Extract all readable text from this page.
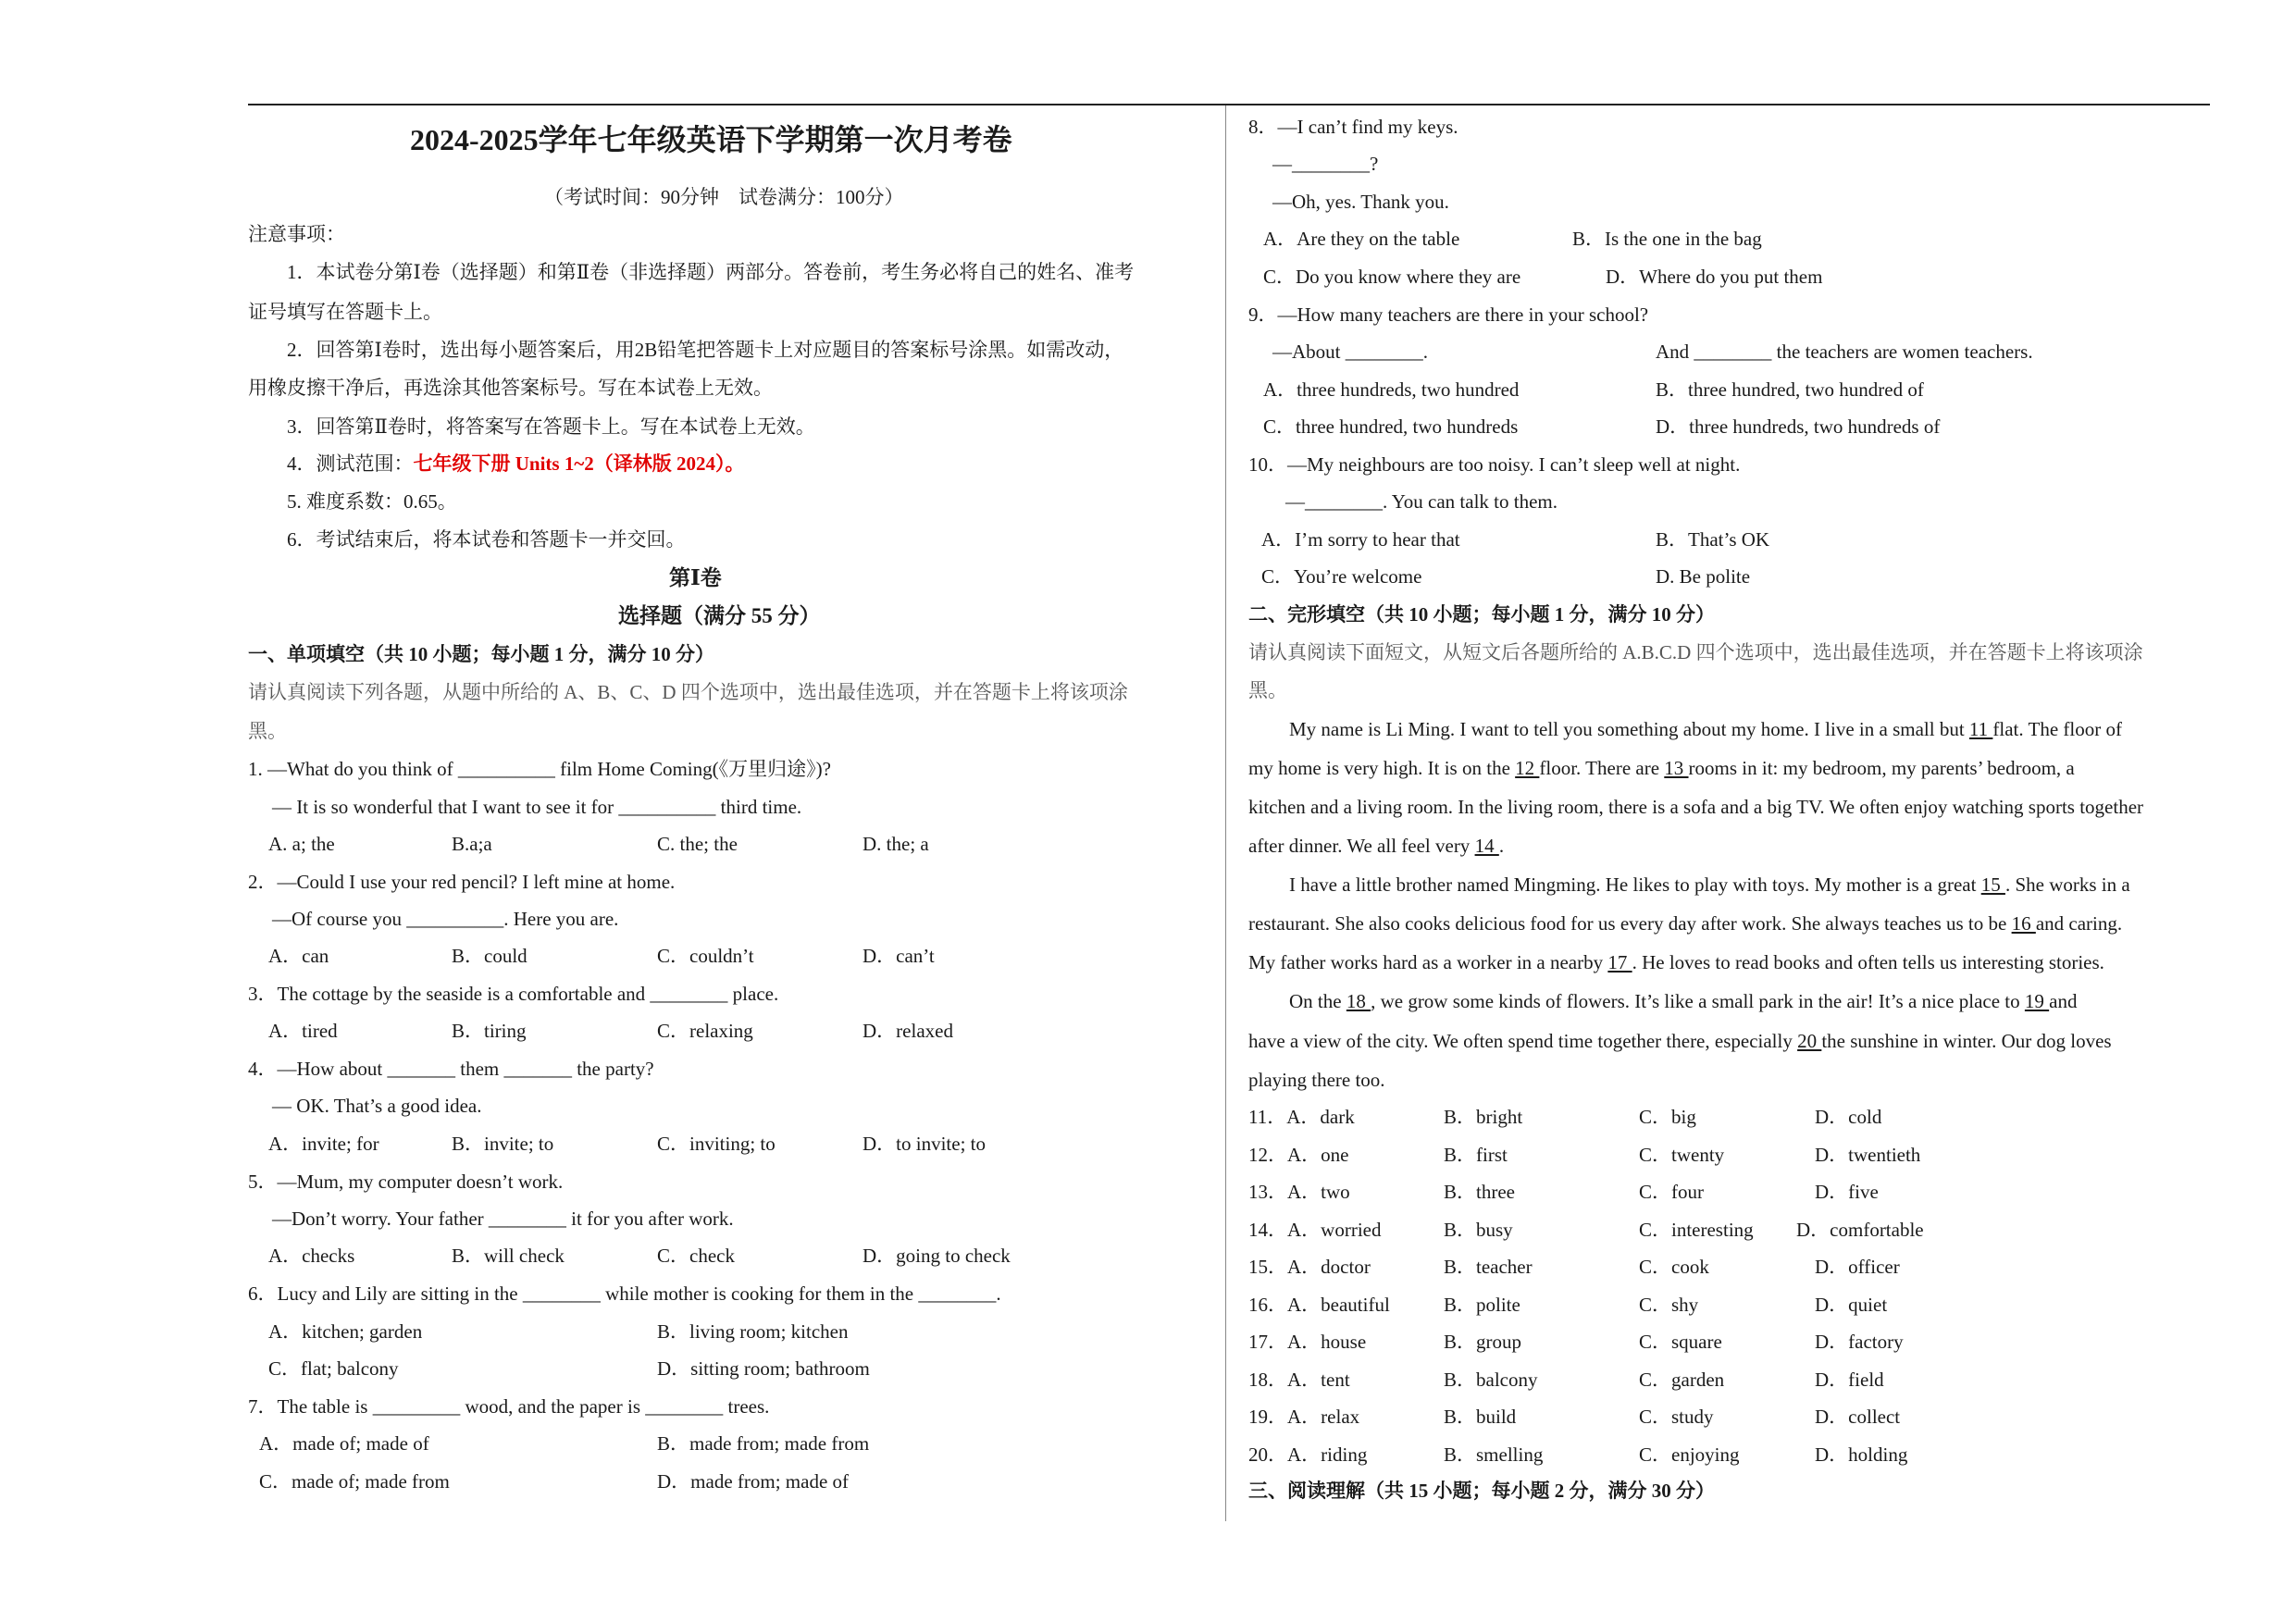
2024-2025学年七年级英语下学期第一次月考卷
（考试时间：90分钟　试卷满分：100分）
注意事项：
1．本试卷分第Ⅰ卷（选择题）和第Ⅱ卷（非选择题）两部分。答卷前，考生务必将自己的姓名、准考
证号填写在答题卡上。
2．回答第Ⅰ卷时，选出每小题答案后，用2B铅笔把答题卡上对应题目的答案标号涂黑。如需改动，
用橡皮擦干净后，再选涂其他答案标号。写在本试卷上无效。
3．回答第Ⅱ卷时，将答案写在答题卡上。写在本试卷上无效。
4．测试范围：七年级下册 Units 1~2（译林版 2024）。
5. 难度系数：0.65。
6．考试结束后，将本试卷和答题卡一并交回。
第Ⅰ卷
选择题（满分 55 分）
一、单项填空（共 10 小题；每小题 1 分，满分 10 分）
请认真阅读下列各题，从题中所给的 A、B、C、D 四个选项中，选出最佳选项，并在答题卡上将该项涂
黑。
1. —What do you think of __________ film Home Coming(《万里归途》)?
— It is so wonderful that I want to see it for __________ third time.
A. a; the	B.a;a	C. the; the	D. the; a
2．—Could I use your red pencil? I left mine at home.
—Of course you __________. Here you are.
A．can	B．could	C．couldn’t	D．can’t
3．The cottage by the seaside is a comfortable and ________ place.
A．tired	B．tiring	C．relaxing	D．relaxed
4．—How about _______ them _______ the party?
— OK. That’s a good idea.
A．invite; for	B．invite; to	C．inviting; to	D．to invite; to
5．—Mum, my computer doesn’t work.
—Don’t worry. Your father ________ it for you after work.
A．checks	B．will check	C．check	D．going to check
6．Lucy and Lily are sitting in the ________ while mother is cooking for them in the ________.
A．kitchen; garden	B．living room; kitchen
C．flat; balcony	D．sitting room; bathroom
7．The table is _________ wood, and the paper is ________ trees.
A．made of; made of	B．made from; made from
C．made of; made from	D．made from; made of
8．—I can’t find my keys.
—________?
—Oh, yes. Thank you.
A．Are they on the table	B．Is the one in the bag
C．Do you know where they are	D．Where do you put them
9．—How many teachers are there in your school?
—About ________.	And ________ the teachers are women teachers.
A．three hundreds, two hundred	B．three hundred, two hundred of
C．three hundred, two hundreds	D．three hundreds, two hundreds of
10．—My neighbours are too noisy. I can’t sleep well at night.
—________. You can talk to them.
A．I’m sorry to hear that	B．That’s OK
C．You’re welcome	D. Be polite
二、完形填空（共 10 小题；每小题 1 分，满分 10 分）
请认真阅读下面短文，从短文后各题所给的 A.B.C.D 四个选项中，选出最佳选项，并在答题卡上将该项涂
黑。
My name is Li Ming. I want to tell you something about my home. I live in a small but 11 flat. The floor of
my home is very high. It is on the 12 floor. There are 13 rooms in it: my bedroom, my parents’ bedroom, a
kitchen and a living room. In the living room, there is a sofa and a big TV. We often enjoy watching sports together
after dinner. We all feel very 14 .
I have a little brother named Mingming. He likes to play with toys. My mother is a great 15 . She works in a
restaurant. She also cooks delicious food for us every day after work. She always teaches us to be 16 and caring.
My father works hard as a worker in a nearby 17 . He loves to read books and often tells us interesting stories.
On the 18 , we grow some kinds of flowers. It’s like a small park in the air! It’s a nice place to 19 and
have a view of the city. We often spend time together there, especially 20 the sunshine in winter. Our dog loves
playing there too.
11．A．dark	B．bright	C．big	D．cold
12．A．one	B．first	C．twenty	D．twentieth
13．A．two	B．three	C．four	D．five
14．A．worried	B．busy	C．interesting D．comfortable
15．A．doctor	B．teacher	C．cook	D．officer
16．A．beautiful	B．polite	C．shy	D．quiet
17．A．house	B．group	C．square	D．factory
18．A．tent	B．balcony	C．garden	D．field
19．A．relax	B．build	C．study	D．collect
20．A．riding	B．smelling	C．enjoying	D．holding
三、阅读理解（共 15 小题；每小题 2 分，满分 30 分）
